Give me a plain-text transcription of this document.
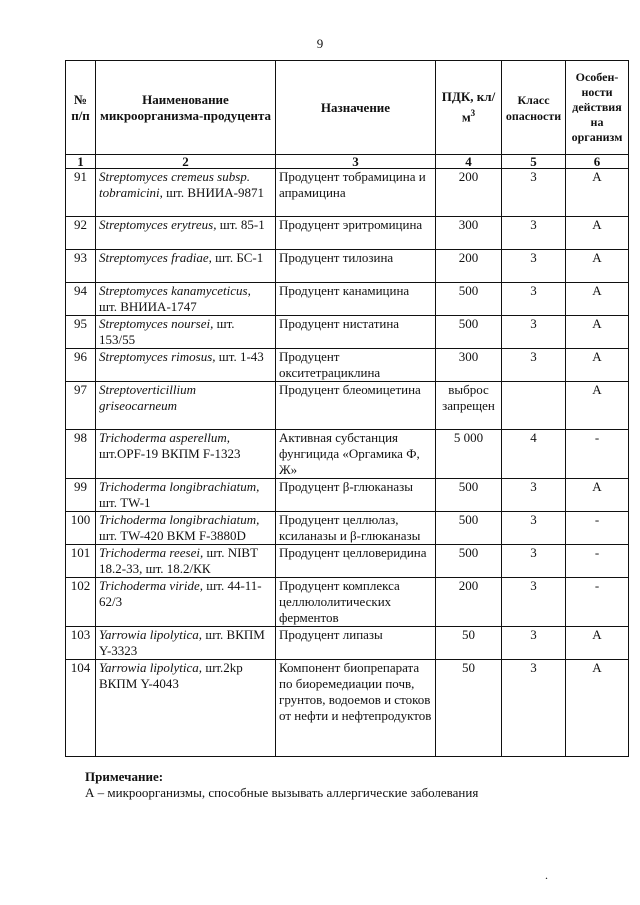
9
№ п/п	Наименование микроорганизма-продуцента	Назначение	ПДК, $кл/м^3$	Класс опасности	Особен-ности действия на организм
1	2	3	4	5	6
91	Streptomyces cremeus subsp. tobramicini, шт. ВНИИА-9871	Продуцент тобрамицина и апрамицина	200	3	А
92	Streptomyces erytreus, шт. 85-1	Продуцент эритромицина	300	3	А
93	Streptomyces fradiae, шт. БС-1	Продуцент тилозина	200	3	А
94	Streptomyces kanamyceticus, шт. ВНИИА-1747	Продуцент канамицина	500	3	А
95	Streptomyces noursei, шт. 153/55	Продуцент нистатина	500	3	А
96	Streptomyces rimosus, шт. 1-43	Продуцент окситетрациклина	300	3	А
97	Streptoverticillium griseocarneum	Продуцент блеомицетина	выброс запрещен		А
98	Trichoderma asperellum, шт.OPF-19 ВКПМ F-1323	Активная субстанция фунгицида «Оргамика Ф, Ж»	5 000	4	-
99	Trichoderma longibrachiatum, шт. TW-1	Продуцент β-глюканазы	500	3	А
100	Trichoderma longibrachiatum, шт. TW-420 ВКМ F-3880D	Продуцент целлюлаз, ксиланазы и β-глюканазы	500	3	-
101	Trichoderma reesei, шт. NIBT 18.2-33, шт. 18.2/КК	Продуцент целловеридина	500	3	-
102	Trichoderma viride, шт. 44-11-62/3	Продуцент комплекса целлюлолитических ферментов	200	3	-
103	Yarrowia lipolytica, шт. ВКПМ Y-3323	Продуцент липазы	50	3	А
104	Yarrowia lipolytica, шт.2kp ВКПМ Y-4043	Компонент биопрепарата по биоремедиации почв, грунтов, водоемов и стоков от нефти и нефтепродуктов	50	3	А
Примечание:
А – микроорганизмы, способные вызывать аллергические заболевания
.
